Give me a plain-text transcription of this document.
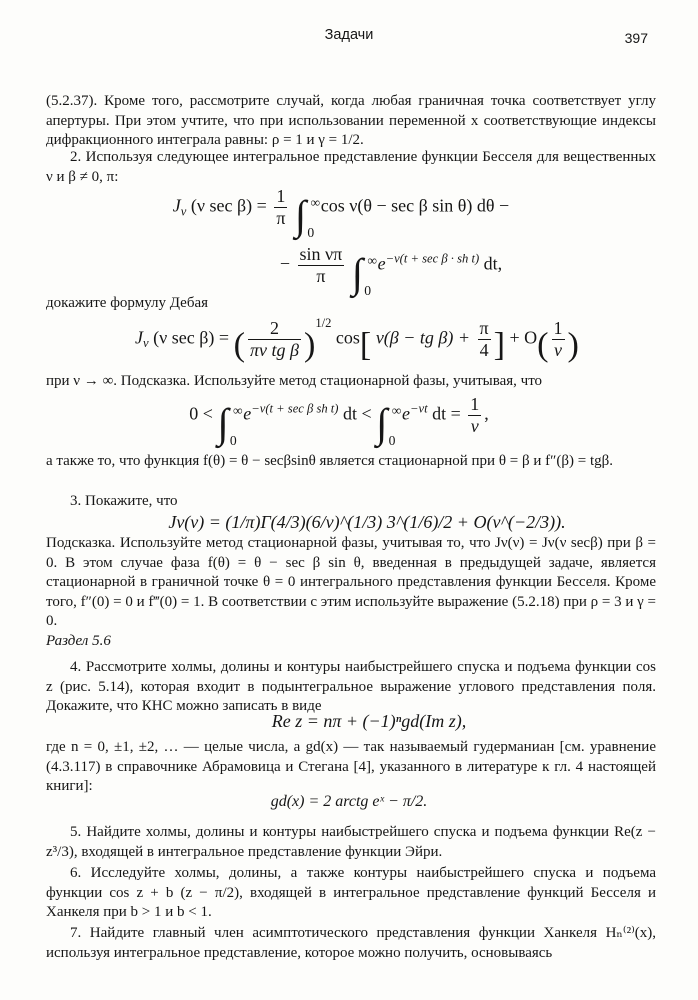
Задачи	397
(5.2.37). Кроме того, рассмотрите случай, когда любая граничная точка соответствует углу апертуры. При этом учтите, что при использовании переменной x соответствующие индексы дифракционного интеграла равны: ρ = 1 и γ = 1/2.
2. Используя следующее интегральное представление функции Бесселя для вещественных ν и β ≠ 0, π:
$J_\nu$ (ν $\sec \beta) = \frac{1}{\pi}$ ∫ 0
∞ cos ν(θ − sec β sin θ) dθ −
− $\frac{\text{sin νπ}}{\pi}$ ∫ 0
∞ $e^{-\nu(t + sec \beta \cdot sh t)}$ dt,
докажите формулу Дебая
$J_\nu$ (ν sec β) = ( $\frac{2}{\text{πν tg β}} )^{1/2}$ cos[ ν(β − tg $\beta) + \frac{\pi}{4}$ ] + $O( \frac{1}{\nu}$ )
при ν → ∞. Подсказка. Используйте метод стационарной фазы, учитывая, что
0 < ∫ 0
∞ $e^{-\nu(t + sec \beta sh t)}$ dt < ∫ 0
∞ $e^{-\nu t}$ dt = $\frac{1}{\nu}$ ,
а также то, что функция f(θ) = θ − secβsinθ является стационарной при θ = β и f″(β) = tgβ.
3. Покажите, что
Jν(ν) = (1/π)Γ(4/3)(6/ν)^(1/3) 3^(1/6)/2 + O(ν^(−2/3)).
Подсказка. Используйте метод стационарной фазы, учитывая то, что Jν(ν) = Jν(ν secβ) при β = 0. В этом случае фаза f(θ) = θ − sec β sin θ, введенная в предыдущей задаче, является стационарной в граничной точке θ = 0 интегрального представления функции Бесселя. Кроме того, f″(0) = 0 и f‴(0) = 1. В соответствии с этим используйте выражение (5.2.18) при ρ = 3 и γ = 0.
Раздел 5.6
4. Рассмотрите холмы, долины и контуры наибыстрейшего спуска и подъема функции cos z (рис. 5.14), которая входит в подынтегральное выражение углового представления поля. Докажите, что КНС можно записать в виде
Re z = nπ + (−1)ⁿgd(Im z),
где n = 0, ±1, ±2, … — целые числа, а gd(x) — так называемый гудерманиан [см. уравнение (4.3.117) в справочнике Абрамовица и Стегана [4], указанного в литературе к гл. 4 настоящей книги]:
gd(x) = 2 arctg eˣ − π/2.
5. Найдите холмы, долины и контуры наибыстрейшего спуска и подъема функции Re(z − z³/3), входящей в интегральное представление функции Эйри.
6. Исследуйте холмы, долины, а также контуры наибыстрейшего спуска и подъема функции cos z + b (z − π/2), входящей в интегральное представление функций Бесселя и Ханкеля при b > 1 и b < 1.
7. Найдите главный член асимптотического представления функции Ханкеля Hₙ⁽²⁾(x), используя интегральное представление, которое можно получить, основываясь
